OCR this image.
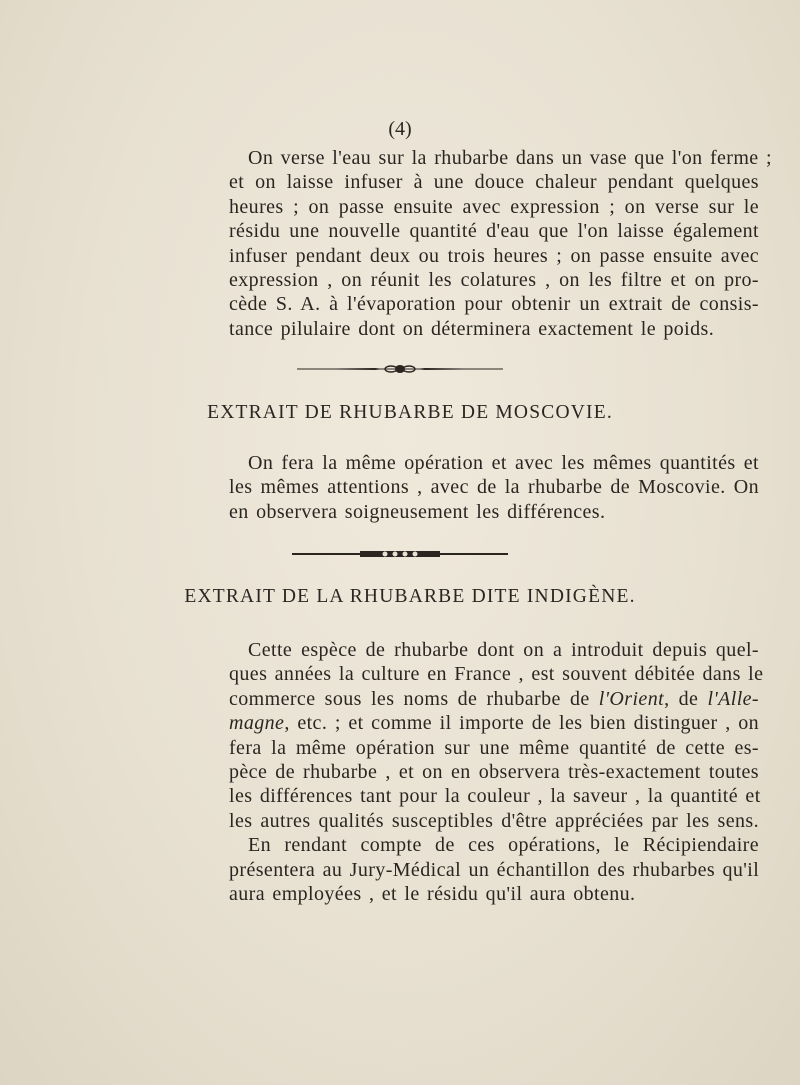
(4)
On verse l'eau sur la rhubarbe dans un vase que l'on ferme ;
et on laisse infuser à une douce chaleur pendant quelques
heures ; on passe ensuite avec expression ; on verse sur le
résidu une nouvelle quantité d'eau que l'on laisse également
infuser pendant deux ou trois heures ; on passe ensuite avec
expression , on réunit les colatures , on les filtre et on pro-
cède S. A. à l'évaporation pour obtenir un extrait de consis-
tance pilulaire dont on déterminera exactement le poids.
EXTRAIT DE RHUBARBE DE MOSCOVIE.
On fera la même opération et avec les mêmes quantités et
les mêmes attentions , avec de la rhubarbe de Moscovie. On
en observera soigneusement les différences.
EXTRAIT DE LA RHUBARBE DITE INDIGÈNE.
Cette espèce de rhubarbe dont on a introduit depuis quel-
ques années la culture en France , est souvent débitée dans le
commerce sous les noms de rhubarbe de l'Orient, de l'Alle-
magne, etc. ; et comme il importe de les bien distinguer , on
fera la même opération sur une même quantité de cette es-
pèce de rhubarbe , et on en observera très-exactement toutes
les différences tant pour la couleur , la saveur , la quantité et
les autres qualités susceptibles d'être appréciées par les sens.
En rendant compte de ces opérations, le Récipiendaire
présentera au Jury-Médical un échantillon des rhubarbes qu'il
aura employées , et le résidu qu'il aura obtenu.
